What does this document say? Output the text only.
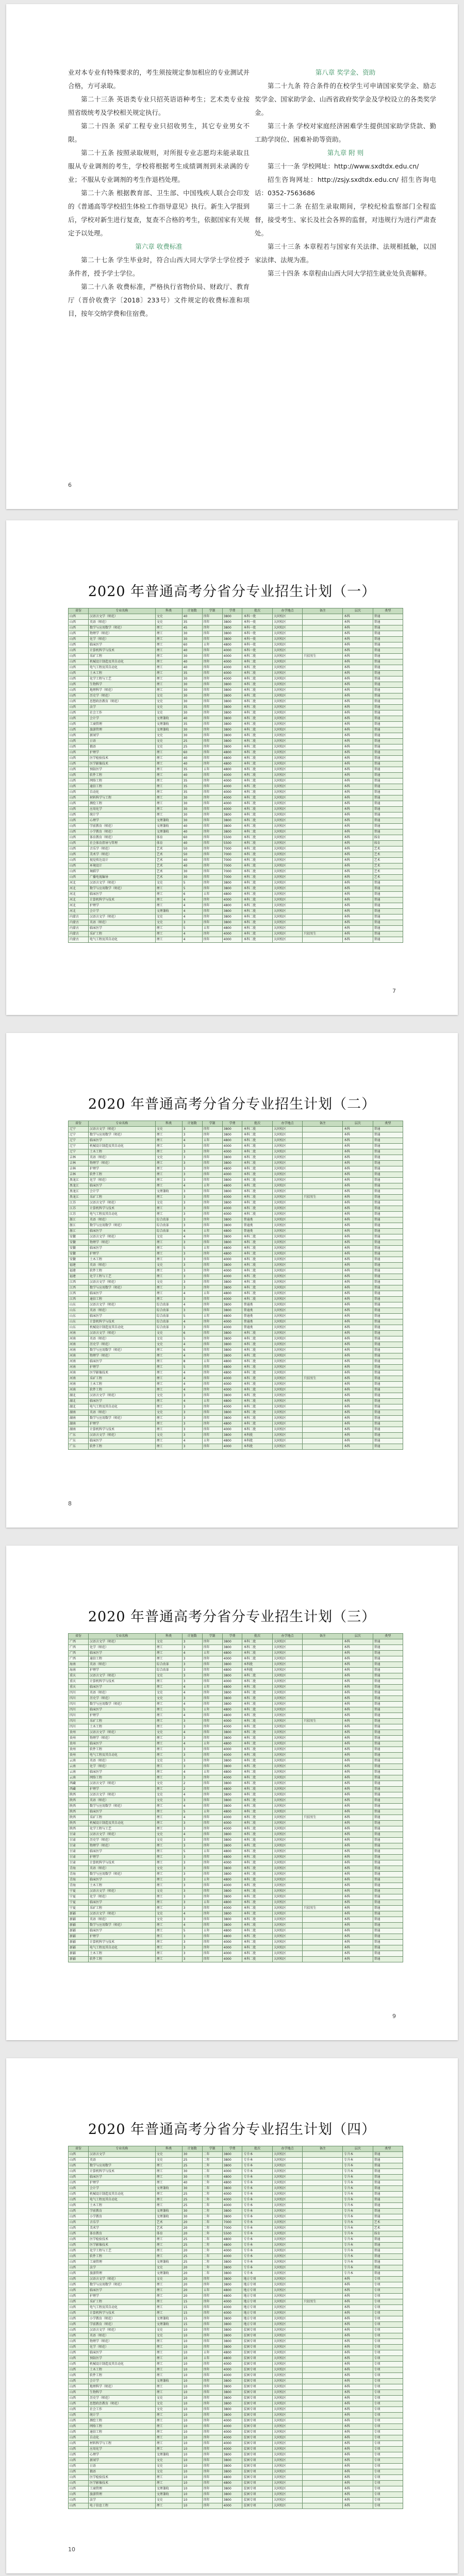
业对本专业有特殊要求的，考生须按规定参加相应的专业测试并合格，方可录取。

第二十三条 英语类专业只招英语语种考生；艺术类专业按照省级统考及学校相关规定执行。

第二十四条 采矿工程专业只招收男生，其它专业男女不限。

第二十五条 按照录取规则，对所报专业志愿均未能录取且服从专业调剂的考生，学校将根据考生成绩调剂到未录满的专业；不服从专业调剂的考生作退档处理。

第二十六条 根据教育部、卫生部、中国残疾人联合会印发的《普通高等学校招生体检工作指导意见》执行。新生入学报到后，学校对新生进行复查，复查不合格的考生，依据国家有关规定予以处理。

第六章 收费标准

第二十七条 学生毕业时，符合山西大同大学学士学位授予条件者，授予学士学位。

第二十八条 收费标准，严格执行省物价局、财政厅、教育厅（晋价收费字〔2018〕233号）文件规定的收费标准和项目，按年交纳学费和住宿费。

第八章 奖学金、资助

第二十九条 符合条件的在校学生可申请国家奖学金、励志奖学金、国家助学金、山西省政府奖学金及学校设立的各类奖学金。

第三十条 学校对家庭经济困难学生提供国家助学贷款、勤工助学岗位、困难补助等资助。

第九章 附 则

第三十一条 学校网址：http://www.sxdtdx.edu.cn/

招生咨询网址：http://zsjy.sxdtdx.edu.cn/ 招生咨询电话：0352-7563686

第三十二条 在招生录取期间，学校纪检监察部门全程监督，接受考生、家长及社会各界的监督，对违规行为进行严肃查处。

第三十三条 本章程若与国家有关法律、法规相抵触，以国家法律、法规为准。

第三十四条 本章程由山西大同大学招生就业处负责解释。

6
2020 年普通高考分省分专业招生计划（一）
省份	专业名称	科类	计划数	学制	学费	批次	办学地点	备注	层次	类型
山西	汉语言文学（师范）	文史	40	四年	3800	本科一批	大同校区		本科	普通
山西	英语（师范）	文史	35	四年	3800	本科一批	大同校区		本科	普通
山西	数学与应用数学（师范）	理工	45	四年	3800	本科一批	大同校区		本科	普通
山西	物理学（师范）	理工	30	四年	3800	本科一批	大同校区		本科	普通
山西	化学（师范）	理工	30	四年	3800	本科一批	大同校区		本科	普通
山西	临床医学	理工	60	五年	4800	本科一批	大同校区		本科	普通
山西	计算机科学与技术	理工	40	四年	4000	本科一批	大同校区		本科	普通
山西	采矿工程	理工	30	四年	4000	本科二批	大同校区	只招男生	本科	普通
山西	机械设计制造及其自动化	理工	40	四年	4000	本科二批	大同校区		本科	普通
山西	电气工程及其自动化	理工	40	四年	4000	本科二批	大同校区		本科	普通
山西	土木工程	理工	35	四年	4000	本科二批	大同校区		本科	普通
山西	化学工程与工艺	理工	30	四年	4000	本科二批	大同校区		本科	普通
山西	生物科学	理工	30	四年	3800	本科二批	大同校区		本科	普通
山西	地理科学（师范）	理工	30	四年	3800	本科二批	大同校区		本科	普通
山西	历史学（师范）	文史	30	四年	3800	本科二批	大同校区		本科	普通
山西	思想政治教育（师范）	文史	30	四年	3800	本科二批	大同校区		本科	普通
山西	法学	文史	35	四年	3800	本科二批	大同校区		本科	普通
山西	社会工作	文史	30	四年	3800	本科二批	大同校区		本科	普通
山西	会计学	文理兼收	40	四年	3800	本科二批	大同校区		本科	普通
山西	工商管理	文理兼收	35	四年	3800	本科二批	大同校区		本科	普通
山西	旅游管理	文理兼收	30	四年	3800	本科二批	大同校区		本科	普通
山西	新闻学	文史	30	四年	3800	本科二批	大同校区		本科	普通
山西	日语	文史	25	四年	3800	本科二批	大同校区		本科	普通
山西	俄语	文史	25	四年	3800	本科二批	大同校区		本科	普通
山西	护理学	理工	60	四年	4800	本科二批	大同校区		本科	普通
山西	医学检验技术	理工	40	四年	4800	本科二批	大同校区		本科	普通
山西	医学影像技术	理工	40	四年	4800	本科二批	大同校区		本科	普通
山西	预防医学	理工	35	五年	4800	本科二批	大同校区		本科	普通
山西	软件工程	理工	40	四年	4000	本科二批	大同校区		本科	普通
山西	网络工程	理工	35	四年	4000	本科二批	大同校区		本科	普通
山西	通信工程	理工	35	四年	4000	本科二批	大同校区		本科	普通
山西	自动化	理工	35	四年	4000	本科二批	大同校区		本科	普通
山西	材料科学与工程	理工	30	四年	4000	本科二批	大同校区		本科	普通
山西	测绘工程	理工	30	四年	4000	本科二批	大同校区		本科	普通
山西	应用化学	理工	30	四年	4000	本科二批	大同校区		本科	普通
山西	统计学	理工	30	四年	3800	本科二批	大同校区		本科	普通
山西	心理学	文理兼收	30	四年	3800	本科二批	大同校区		本科	普通
山西	学前教育（师范）	文理兼收	40	四年	3800	本科二批	大同校区		本科	普通
山西	小学教育（师范）	文理兼收	40	四年	3800	本科二批	大同校区		本科	普通
山西	体育教育（师范）	体育	60	四年	5500	本科二批	大同校区		本科	体育
山西	社会体育指导与管理	体育	40	四年	5500	本科二批	大同校区		本科	体育
山西	音乐学（师范）	艺术	50	四年	7000	本科二批	大同校区		本科	艺术
山西	美术学（师范）	艺术	50	四年	7000	本科二批	大同校区		本科	艺术
山西	视觉传达设计	艺术	40	四年	7000	本科二批	大同校区		本科	艺术
山西	环境设计	艺术	40	四年	7000	本科二批	大同校区		本科	艺术
山西	舞蹈学	艺术	30	四年	7000	本科二批	大同校区		本科	艺术
山西	广播电视编导	艺术	30	四年	7000	本科二批	大同校区		本科	艺术
河北	汉语言文学（师范）	文史	5	四年	3800	本科二批	大同校区		本科	普通
河北	数学与应用数学（师范）	理工	5	四年	3800	本科二批	大同校区		本科	普通
河北	临床医学	理工	6	五年	4800	本科二批	大同校区		本科	普通
河北	计算机科学与技术	理工	4	四年	4000	本科二批	大同校区		本科	普通
河北	护理学	理工	4	四年	4800	本科二批	大同校区		本科	普通
河北	会计学	文理兼收	4	四年	3800	本科二批	大同校区		本科	普通
内蒙古	汉语言文学（师范）	文史	4	四年	3800	本科二批	大同校区		本科	普通
内蒙古	英语（师范）	文史	3	四年	3800	本科二批	大同校区		本科	普通
内蒙古	临床医学	理工	5	五年	4800	本科二批	大同校区		本科	普通
内蒙古	采矿工程	理工	4	四年	4000	本科二批	大同校区	只招男生	本科	普通
内蒙古	电气工程及其自动化	理工	4	四年	4000	本科二批	大同校区		本科	普通
7
2020 年普通高考分省分专业招生计划（二）
省份	专业名称	科类	计划数	学制	学费	批次	办学地点	备注	层次	类型
辽宁	汉语言文学（师范）	文史	3	四年	3800	本科二批	大同校区		本科	普通
辽宁	数学与应用数学（师范）	理工	3	四年	3800	本科二批	大同校区		本科	普通
辽宁	临床医学	理工	4	五年	4800	本科二批	大同校区		本科	普通
辽宁	机械设计制造及其自动化	理工	3	四年	4000	本科二批	大同校区		本科	普通
辽宁	土木工程	理工	3	四年	4000	本科二批	大同校区		本科	普通
吉林	英语（师范）	文史	3	四年	3800	本科二批	大同校区		本科	普通
吉林	物理学（师范）	理工	3	四年	3800	本科二批	大同校区		本科	普通
吉林	护理学	理工	3	四年	4800	本科二批	大同校区		本科	普通
吉林	软件工程	理工	3	四年	4000	本科二批	大同校区		本科	普通
黑龙江	化学（师范）	理工	3	四年	3800	本科二批	大同校区		本科	普通
黑龙江	临床医学	理工	4	五年	4800	本科二批	大同校区		本科	普通
黑龙江	会计学	文理兼收	3	四年	3800	本科二批	大同校区		本科	普通
黑龙江	采矿工程	理工	3	四年	4000	本科二批	大同校区	只招男生	本科	普通
江苏	汉语言文学（师范）	文史	3	四年	3800	本科二批	大同校区		本科	普通
江苏	计算机科学与技术	理工	3	四年	4000	本科二批	大同校区		本科	普通
江苏	电气工程及其自动化	理工	3	四年	4000	本科二批	大同校区		本科	普通
浙江	英语（师范）	综合改革	3	四年	3800	普通类	大同校区		本科	普通
浙江	数学与应用数学（师范）	综合改革	3	四年	3800	普通类	大同校区		本科	普通
浙江	临床医学	综合改革	4	五年	4800	普通类	大同校区		本科	普通
安徽	汉语言文学（师范）	文史	4	四年	3800	本科二批	大同校区		本科	普通
安徽	物理学（师范）	理工	3	四年	3800	本科二批	大同校区		本科	普通
安徽	临床医学	理工	5	五年	4800	本科二批	大同校区		本科	普通
安徽	护理学	理工	3	四年	4800	本科二批	大同校区		本科	普通
安徽	土木工程	理工	3	四年	4000	本科二批	大同校区		本科	普通
福建	英语（师范）	文史	3	四年	3800	本科二批	大同校区		本科	普通
福建	软件工程	理工	3	四年	4000	本科二批	大同校区		本科	普通
福建	化学工程与工艺	理工	3	四年	4000	本科二批	大同校区		本科	普通
江西	汉语言文学（师范）	文史	3	四年	3800	本科二批	大同校区		本科	普通
江西	数学与应用数学（师范）	理工	3	四年	3800	本科二批	大同校区		本科	普通
江西	临床医学	理工	4	五年	4800	本科二批	大同校区		本科	普通
江西	通信工程	理工	3	四年	4000	本科二批	大同校区		本科	普通
山东	汉语言文学（师范）	综合改革	4	四年	3800	普通类	大同校区		本科	普通
山东	英语（师范）	综合改革	3	四年	3800	普通类	大同校区		本科	普通
山东	临床医学	综合改革	5	五年	4800	普通类	大同校区		本科	普通
山东	计算机科学与技术	综合改革	4	四年	4000	普通类	大同校区		本科	普通
山东	机械设计制造及其自动化	综合改革	3	四年	4000	普通类	大同校区		本科	普通
河南	汉语言文学（师范）	文史	6	四年	3800	本科二批	大同校区		本科	普通
河南	英语（师范）	文史	5	四年	3800	本科二批	大同校区		本科	普通
河南	历史学（师范）	文史	4	四年	3800	本科二批	大同校区		本科	普通
河南	数学与应用数学（师范）	理工	6	四年	3800	本科二批	大同校区		本科	普通
河南	物理学（师范）	理工	4	四年	3800	本科二批	大同校区		本科	普通
河南	临床医学	理工	8	五年	4800	本科二批	大同校区		本科	普通
河南	护理学	理工	5	四年	4800	本科二批	大同校区		本科	普通
河南	医学影像技术	理工	4	四年	4800	本科二批	大同校区		本科	普通
河南	采矿工程	理工	4	四年	4000	本科二批	大同校区	只招男生	本科	普通
河南	土木工程	理工	4	四年	4000	本科二批	大同校区		本科	普通
河南	软件工程	理工	4	四年	4000	本科二批	大同校区		本科	普通
湖北	汉语言文学（师范）	文史	3	四年	3800	本科二批	大同校区		本科	普通
湖北	临床医学	理工	4	五年	4800	本科二批	大同校区		本科	普通
湖北	电气工程及其自动化	理工	3	四年	4000	本科二批	大同校区		本科	普通
湖南	英语（师范）	文史	3	四年	3800	本科二批	大同校区		本科	普通
湖南	数学与应用数学（师范）	理工	3	四年	3800	本科二批	大同校区		本科	普通
湖南	护理学	理工	3	四年	4800	本科二批	大同校区		本科	普通
湖南	计算机科学与技术	理工	3	四年	4000	本科二批	大同校区		本科	普通
广东	汉语言文学（师范）	文史	3	四年	3800	本科批	大同校区		本科	普通
广东	临床医学	理工	4	五年	4800	本科批	大同校区		本科	普通
广东	软件工程	理工	3	四年	4000	本科批	大同校区		本科	普通
8
2020 年普通高考分省分专业招生计划（三）
省份	专业名称	科类	计划数	学制	学费	批次	办学地点	备注	层次	类型
广西	汉语言文学（师范）	文史	3	四年	3800	本科二批	大同校区		本科	普通
广西	化学（师范）	理工	3	四年	3800	本科二批	大同校区		本科	普通
广西	临床医学	理工	4	五年	4800	本科二批	大同校区		本科	普通
广西	通信工程	理工	3	四年	4000	本科二批	大同校区		本科	普通
海南	英语（师范）	综合改革	3	四年	3800	本科批	大同校区		本科	普通
海南	护理学	综合改革	3	四年	4800	本科批	大同校区		本科	普通
重庆	汉语言文学（师范）	文史	3	四年	3800	本科二批	大同校区		本科	普通
重庆	计算机科学与技术	理工	3	四年	4000	本科二批	大同校区		本科	普通
重庆	临床医学	理工	4	五年	4800	本科二批	大同校区		本科	普通
四川	英语（师范）	文史	4	四年	3800	本科二批	大同校区		本科	普通
四川	历史学（师范）	文史	3	四年	3800	本科二批	大同校区		本科	普通
四川	数学与应用数学（师范）	理工	4	四年	3800	本科二批	大同校区		本科	普通
四川	临床医学	理工	5	五年	4800	本科二批	大同校区		本科	普通
四川	护理学	理工	4	四年	4800	本科二批	大同校区		本科	普通
四川	采矿工程	理工	3	四年	4000	本科二批	大同校区	只招男生	本科	普通
四川	土木工程	理工	3	四年	4000	本科二批	大同校区		本科	普通
贵州	汉语言文学（师范）	文史	4	四年	3800	本科二批	大同校区		本科	普通
贵州	物理学（师范）	理工	3	四年	3800	本科二批	大同校区		本科	普通
贵州	临床医学	理工	4	五年	4800	本科二批	大同校区		本科	普通
贵州	软件工程	理工	3	四年	4000	本科二批	大同校区		本科	普通
贵州	电气工程及其自动化	理工	3	四年	4000	本科二批	大同校区		本科	普通
云南	英语（师范）	文史	3	四年	3800	本科二批	大同校区		本科	普通
云南	化学（师范）	理工	3	四年	3800	本科二批	大同校区		本科	普通
云南	临床医学	理工	4	五年	4800	本科二批	大同校区		本科	普通
云南	网络工程	理工	3	四年	4000	本科二批	大同校区		本科	普通
西藏	汉语言文学（师范）	文史	2	四年	3800	本科二批	大同校区		本科	普通
西藏	护理学	理工	2	四年	4800	本科二批	大同校区		本科	普通
陕西	汉语言文学（师范）	文史	4	四年	3800	本科二批	大同校区		本科	普通
陕西	英语（师范）	文史	3	四年	3800	本科二批	大同校区		本科	普通
陕西	数学与应用数学（师范）	理工	4	四年	3800	本科二批	大同校区		本科	普通
陕西	临床医学	理工	5	五年	4800	本科二批	大同校区		本科	普通
陕西	采矿工程	理工	4	四年	4000	本科二批	大同校区	只招男生	本科	普通
陕西	机械设计制造及其自动化	理工	3	四年	4000	本科二批	大同校区		本科	普通
陕西	化学工程与工艺	理工	3	四年	4000	本科二批	大同校区		本科	普通
甘肃	汉语言文学（师范）	文史	4	四年	3800	本科二批	大同校区		本科	普通
甘肃	历史学（师范）	文史	3	四年	3800	本科二批	大同校区		本科	普通
甘肃	物理学（师范）	理工	3	四年	3800	本科二批	大同校区		本科	普通
甘肃	临床医学	理工	5	五年	4800	本科二批	大同校区		本科	普通
甘肃	护理学	理工	3	四年	4800	本科二批	大同校区		本科	普通
甘肃	计算机科学与技术	理工	3	四年	4000	本科二批	大同校区		本科	普通
青海	英语（师范）	文史	3	四年	3800	本科二批	大同校区		本科	普通
青海	数学与应用数学（师范）	理工	3	四年	3800	本科二批	大同校区		本科	普通
青海	临床医学	理工	3	五年	4800	本科二批	大同校区		本科	普通
青海	土木工程	理工	3	四年	4000	本科二批	大同校区		本科	普通
宁夏	汉语言文学（师范）	文史	3	四年	3800	本科二批	大同校区		本科	普通
宁夏	化学（师范）	理工	3	四年	3800	本科二批	大同校区		本科	普通
宁夏	临床医学	理工	3	五年	4800	本科二批	大同校区		本科	普通
宁夏	采矿工程	理工	3	四年	4000	本科二批	大同校区	只招男生	本科	普通
新疆	汉语言文学（师范）	文史	4	四年	3800	本科二批	大同校区		本科	普通
新疆	英语（师范）	文史	3	四年	3800	本科二批	大同校区		本科	普通
新疆	数学与应用数学（师范）	理工	4	四年	3800	本科二批	大同校区		本科	普通
新疆	临床医学	理工	5	五年	4800	本科二批	大同校区		本科	普通
新疆	护理学	理工	3	四年	4800	本科二批	大同校区		本科	普通
新疆	计算机科学与技术	理工	3	四年	4000	本科二批	大同校区		本科	普通
新疆	电气工程及其自动化	理工	3	四年	4000	本科二批	大同校区		本科	普通
新疆	土木工程	理工	3	四年	4000	本科二批	大同校区		本科	普通
新疆	软件工程	理工	3	四年	4000	本科二批	大同校区		本科	普通
9
2020 年普通高考分省分专业招生计划（四）
省份	专业名称	科类	计划数	学制	学费	批次	办学地点	备注	层次	类型
山西	汉语言文学	文史	30	二年	3800	专升本	大同校区		专升本	普通
山西	英语	文史	25	二年	3800	专升本	大同校区		专升本	普通
山西	数学与应用数学	理工	25	二年	3800	专升本	大同校区		专升本	普通
山西	计算机科学与技术	理工	30	二年	4000	专升本	大同校区		专升本	普通
山西	临床医学	理工	30	三年	4800	专升本	大同校区		专升本	普通
山西	护理学	理工	40	二年	4800	专升本	大同校区		专升本	普通
山西	会计学	文理兼收	30	二年	3800	专升本	大同校区		专升本	普通
山西	机械设计制造及其自动化	理工	25	二年	4000	专升本	大同校区		专升本	普通
山西	电气工程及其自动化	理工	25	二年	4000	专升本	大同校区		专升本	普通
山西	土木工程	理工	25	二年	4000	专升本	大同校区		专升本	普通
山西	学前教育	文理兼收	30	二年	3800	专升本	大同校区		专升本	普通
山西	小学教育	文理兼收	30	二年	3800	专升本	大同校区		专升本	普通
山西	音乐学	艺术	20	二年	7000	专升本	大同校区		专升本	艺术
山西	美术学	艺术	20	二年	7000	专升本	大同校区		专升本	艺术
山西	体育教育	体育	20	二年	5500	专升本	大同校区		专升本	体育
山西	医学检验技术	理工	25	二年	4800	专升本	大同校区		专升本	普通
山西	医学影像技术	理工	25	二年	4800	专升本	大同校区		专升本	普通
山西	化学工程与工艺	理工	20	二年	4000	专升本	大同校区		专升本	普通
山西	软件工程	理工	25	二年	4000	专升本	大同校区		专升本	普通
山西	工商管理	文理兼收	25	二年	3800	专升本	大同校区		专升本	普通
山西	法学	文史	20	二年	3800	专升本	大同校区		专升本	普通
山西	旅游管理	文理兼收	20	二年	3800	专升本	大同校区		专升本	普通
山西	汉语言文学（师范）	文史	20	四年	3800	地方专项	大同校区		本科	专项
山西	数学与应用数学（师范）	理工	20	四年	3800	地方专项	大同校区		本科	专项
山西	临床医学	理工	20	五年	4800	地方专项	大同校区		本科	专项
山西	护理学	理工	20	四年	4800	地方专项	大同校区		本科	专项
山西	采矿工程	理工	15	四年	4000	地方专项	大同校区	只招男生	本科	专项
山西	电气工程及其自动化	理工	15	四年	4000	地方专项	大同校区		本科	专项
山西	计算机科学与技术	理工	15	四年	4000	地方专项	大同校区		本科	专项
山西	小学教育（师范）	文理兼收	15	四年	3800	地方专项	大同校区		本科	专项
山西	学前教育（师范）	文理兼收	15	四年	3800	地方专项	大同校区		本科	专项
山西	汉语言文学（师范）	文史	10	四年	3800	贫困专项	大同校区		本科	专项
山西	英语（师范）	文史	10	四年	3800	贫困专项	大同校区		本科	专项
山西	物理学（师范）	理工	10	四年	3800	贫困专项	大同校区		本科	专项
山西	化学（师范）	理工	10	四年	3800	贫困专项	大同校区		本科	专项
山西	临床医学	理工	10	五年	4800	贫困专项	大同校区		本科	专项
山西	预防医学	理工	10	五年	4800	贫困专项	大同校区		本科	专项
山西	机械设计制造及其自动化	理工	10	四年	4000	贫困专项	大同校区		本科	专项
山西	土木工程	理工	10	四年	4000	贫困专项	大同校区		本科	专项
山西	软件工程	理工	10	四年	4000	贫困专项	大同校区		本科	专项
山西	会计学	文理兼收	10	四年	3800	贫困专项	大同校区		本科	专项
山西	地理科学（师范）	理工	10	四年	3800	贫困专项	大同校区		本科	专项
山西	生物科学	理工	10	四年	3800	贫困专项	大同校区		本科	专项
山西	历史学（师范）	文史	10	四年	3800	贫困专项	大同校区		本科	专项
山西	思想政治教育（师范）	文史	10	四年	3800	贫困专项	大同校区		本科	专项
山西	社会工作	文史	10	四年	3800	贫困专项	大同校区		本科	专项
山西	统计学	理工	10	四年	3800	贫困专项	大同校区		本科	专项
山西	测绘工程	理工	10	四年	4000	贫困专项	大同校区		本科	专项
山西	网络工程	理工	10	四年	4000	贫困专项	大同校区		本科	专项
山西	通信工程	理工	10	四年	4000	贫困专项	大同校区		本科	专项
山西	自动化	理工	10	四年	4000	贫困专项	大同校区		本科	专项
山西	材料科学与工程	理工	10	四年	4000	贫困专项	大同校区		本科	专项
山西	应用化学	理工	10	四年	4000	贫困专项	大同校区		本科	专项
山西	心理学	文理兼收	10	四年	3800	贫困专项	大同校区		本科	专项
山西	新闻学	文史	10	四年	3800	贫困专项	大同校区		本科	专项
山西	日语	文史	10	四年	3800	贫困专项	大同校区		本科	专项
山西	俄语	文史	10	四年	3800	贫困专项	大同校区		本科	专项
山西	医学检验技术	理工	10	四年	4800	贫困专项	大同校区		本科	专项
山西	医学影像技术	理工	10	四年	4800	贫困专项	大同校区		本科	专项
山西	工商管理	文理兼收	10	四年	3800	贫困专项	大同校区		本科	专项
山西	旅游管理	文理兼收	10	四年	3800	贫困专项	大同校区		本科	专项
山西	法学	文史	10	四年	3800	贫困专项	大同校区		本科	专项
山西	电子信息工程	理工	10	四年	4000	贫困专项	大同校区		本科	专项
10
